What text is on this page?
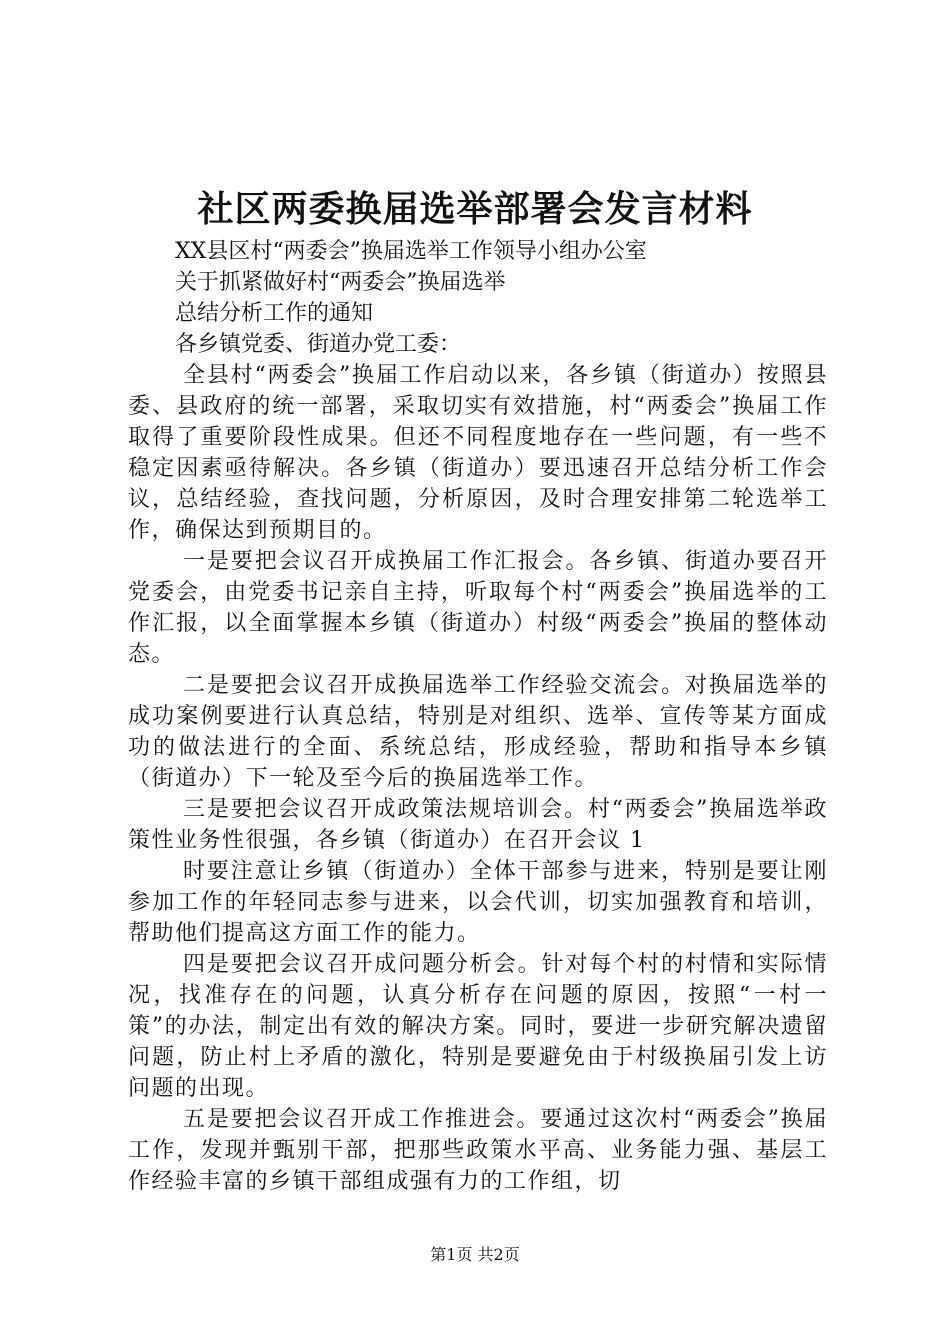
社区两委换届选举部署会发言材料

XX县区村“两委会”换届选举工作领导小组办公室

关于抓紧做好村“两委会”换届选举

总结分析工作的通知

各乡镇党委、街道办党工委：

全县村“两委会”换届工作启动以来，各乡镇（街道办）按照县委、县政府的统一部署，采取切实有效措施，村“两委会”换届工作取得了重要阶段性成果。但还不同程度地存在一些问题，有一些不稳定因素亟待解决。各乡镇（街道办）要迅速召开总结分析工作会议，总结经验，查找问题，分析原因，及时合理安排第二轮选举工作，确保达到预期目的。

一是要把会议召开成换届工作汇报会。各乡镇、街道办要召开党委会，由党委书记亲自主持，听取每个村“两委会”换届选举的工作汇报，以全面掌握本乡镇（街道办）村级“两委会”换届的整体动态。

二是要把会议召开成换届选举工作经验交流会。对换届选举的成功案例要进行认真总结，特别是对组织、选举、宣传等某方面成功的做法进行的全面、系统总结，形成经验，帮助和指导本乡镇（街道办）下一轮及至今后的换届选举工作。

三是要把会议召开成政策法规培训会。村“两委会”换届选举政策性业务性很强，各乡镇（街道办）在召开会议 1

时要注意让乡镇（街道办）全体干部参与进来，特别是要让刚参加工作的年轻同志参与进来，以会代训，切实加强教育和培训，帮助他们提高这方面工作的能力。

四是要把会议召开成问题分析会。针对每个村的村情和实际情况，找准存在的问题，认真分析存在问题的原因，按照“一村一策”的办法，制定出有效的解决方案。同时，要进一步研究解决遗留问题，防止村上矛盾的激化，特别是要避免由于村级换届引发上访问题的出现。

五是要把会议召开成工作推进会。要通过这次村“两委会”换届工作，发现并甄别干部，把那些政策水平高、业务能力强、基层工作经验丰富的乡镇干部组成强有力的工作组，切

第1页 共2页
